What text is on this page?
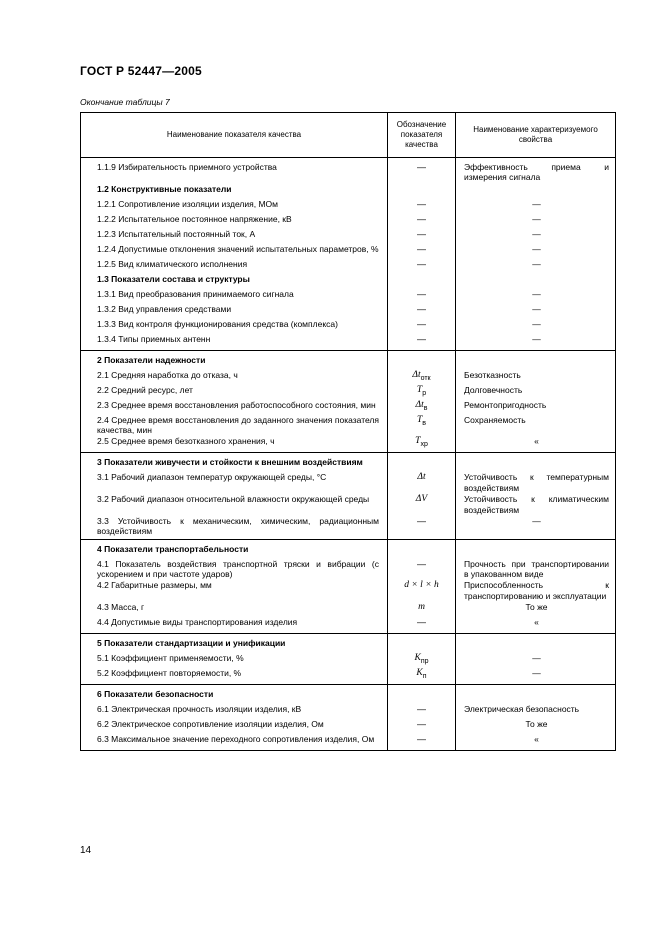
ГОСТ Р 52447—2005
Окончание таблицы 7
Наименование показателя качества	Обозначение показателя качества	Наименование характеризуемого свойства
1.1.9 Избирательность приемного устройства	—	Эффективность приема и измерения сигнала
1.2 Конструктивные показатели		
1.2.1 Сопротивление изоляции изделия, МОм	—	—
1.2.2 Испытательное постоянное напряжение, кВ	—	—
1.2.3 Испытательный постоянный ток, А	—	—
1.2.4 Допустимые отклонения значений испытательных параметров, %	—	—
1.2.5 Вид климатического исполнения	—	—
1.3 Показатели состава и структуры		
1.3.1 Вид преобразования принимаемого сигнала	—	—
1.3.2 Вид управления средствами	—	—
1.3.3 Вид контроля функционирования средства (комплекса)	—	—
1.3.4 Типы приемных антенн	—	—
2 Показатели надежности		
2.1 Средняя наработка до отказа, ч	$\Delta t_{отк}$	Безотказность
2.2 Средний ресурс, лет	$T_р$	Долговечность
2.3 Среднее время восстановления работоспособного состояния, мин	$\Delta t_в$	Ремонтопригодность
2.4 Среднее время восстановления до заданного значения показателя качества, мин	$T_в$	Сохраняемость
2.5 Среднее время безотказного хранения, ч	$T_{хр}$	«
3 Показатели живучести и стойкости к внешним воздействиям		
3.1 Рабочий диапазон температур окружающей среды, °С	Δt	Устойчивость к температурным воздействиям
3.2 Рабочий диапазон относительной влажности окружающей среды	ΔV	Устойчивость к климатическим воздействиям
3.3 Устойчивость к механическим, химическим, радиационным воздействиям	—	—
4 Показатели транспортабельности		
4.1 Показатель воздействия транспортной тряски и вибрации (с ускорением и при частоте ударов)	—	Прочность при транспортировании в упакованном виде
4.2 Габаритные размеры, мм	d × l × h	Приспособленность к транспортированию и эксплуатации
4.3 Масса, г	m	То же
4.4 Допустимые виды транспортирования изделия	—	«
5 Показатели стандартизации и унификации		
5.1 Коэффициент применяемости, %	$K_{пр}$	—
5.2 Коэффициент повторяемости, %	$K_п$	—
6 Показатели безопасности		
6.1 Электрическая прочность изоляции изделия, кВ	—	Электрическая безопасность
6.2 Электрическое сопротивление изоляции изделия, Ом	—	То же
6.3 Максимальное значение переходного сопротивления изделия, Ом	—	«
14
